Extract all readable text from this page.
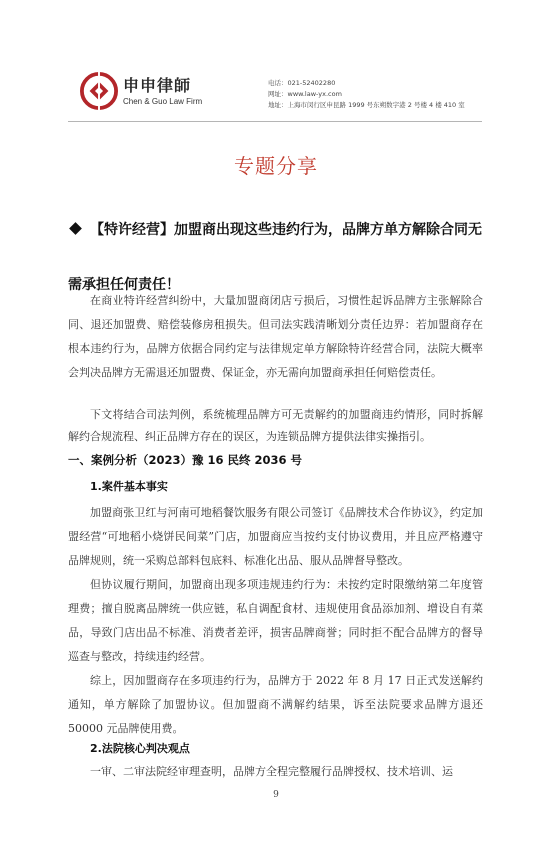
申申律師
Chen & Guo Law Firm
电话：021-52402280
网址：www.law-yx.com
地址：上海市闵行区申昆路 1999 号东朔数字港 2 号楼 4 楼 410 室
专题分享
【特许经营】加盟商出现这些违约行为，品牌方单方解除合同无需承担任何责任！
在商业特许经营纠纷中，大量加盟商闭店亏损后，习惯性起诉品牌方主张解除合同、退还加盟费、赔偿装修房租损失。但司法实践清晰划分责任边界：若加盟商存在根本违约行为，品牌方依据合同约定与法律规定单方解除特许经营合同，法院大概率会判决品牌方无需退还加盟费、保证金，亦无需向加盟商承担任何赔偿责任。
下文将结合司法判例，系统梳理品牌方可无责解约的加盟商违约情形，同时拆解解约合规流程、纠正品牌方存在的误区，为连锁品牌方提供法律实操指引。
一、案例分析（2023）豫 16 民终 2036 号
1.案件基本事实
加盟商张卫红与河南可地稻餐饮服务有限公司签订《品牌技术合作协议》，约定加盟经营“可地稻小烧饼民间菜”门店，加盟商应当按约支付协议费用，并且应严格遵守品牌规则，统一采购总部料包底料、标准化出品、服从品牌督导整改。
但协议履行期间，加盟商出现多项违规违约行为：未按约定时限缴纳第二年度管理费；擅自脱离品牌统一供应链，私自调配食材、违规使用食品添加剂、增设自有菜品，导致门店出品不标准、消费者差评，损害品牌商誉；同时拒不配合品牌方的督导巡查与整改，持续违约经营。
综上，因加盟商存在多项违约行为，品牌方于 2022 年 8 月 17 日正式发送解约通知，单方解除了加盟协议。但加盟商不满解约结果，诉至法院要求品牌方退还 50000 元品牌使用费。
2.法院核心判决观点
一审、二审法院经审理查明，品牌方全程完整履行品牌授权、技术培训、运
9
